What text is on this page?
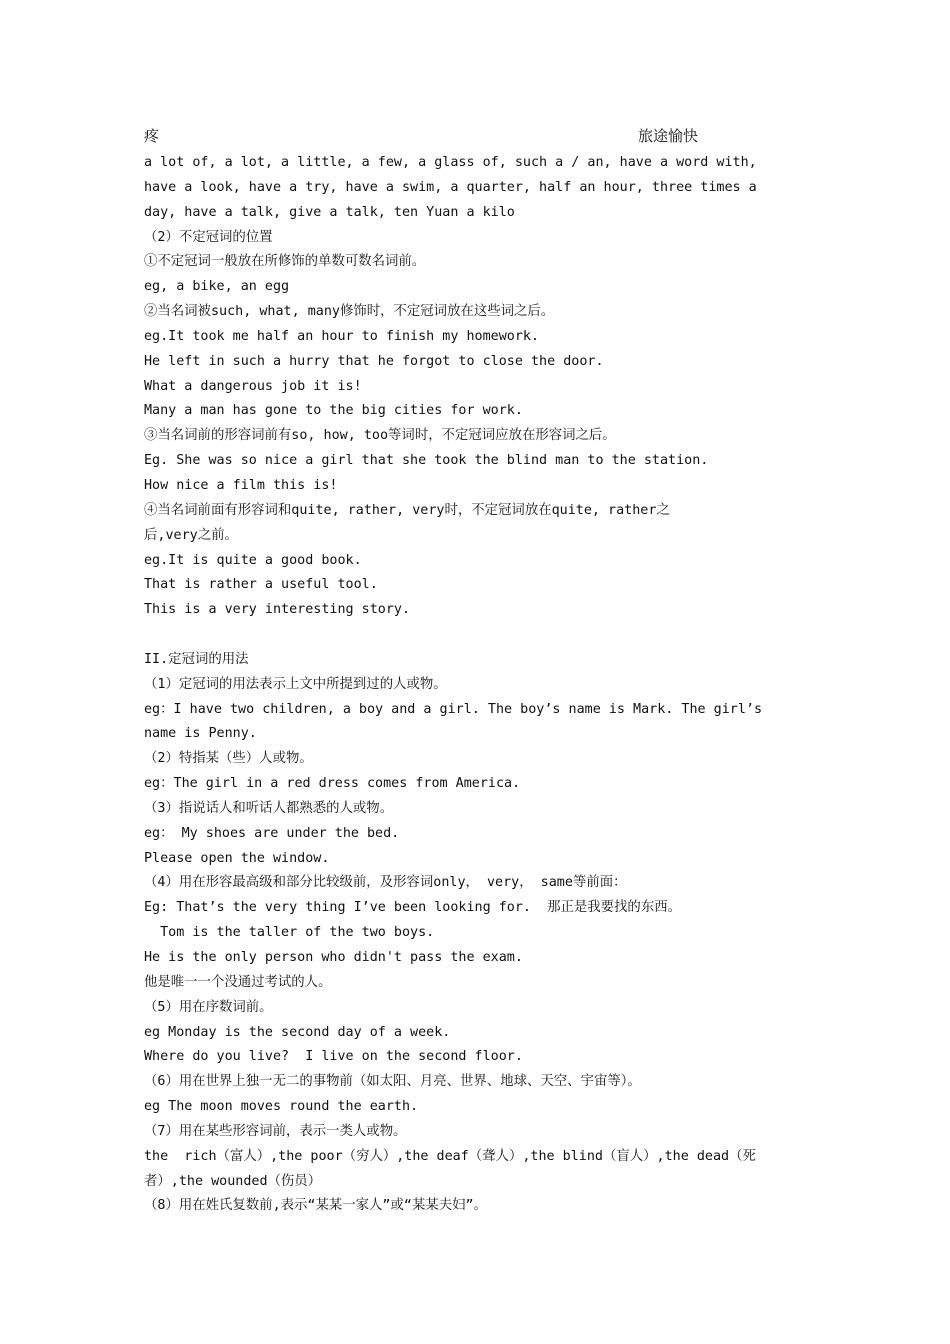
疼	旅途愉快
a lot of, a lot, a little, a few, a glass of, such a / an, have a word with,
have a look, have a try, have a swim, a quarter, half an hour, three times a
day, have a talk, give a talk, ten Yuan a kilo
（2）不定冠词的位置
①不定冠词一般放在所修饰的单数可数名词前。
eg, a bike, an egg
②当名词被such, what, many修饰时，不定冠词放在这些词之后。
eg.It took me half an hour to finish my homework.
He left in such a hurry that he forgot to close the door.
What a dangerous job it is!
Many a man has gone to the big cities for work.
③当名词前的形容词前有so, how, too等词时，不定冠词应放在形容词之后。
Eg. She was so nice a girl that she took the blind man to the station.
How nice a film this is!
④当名词前面有形容词和quite, rather, very时，不定冠词放在quite, rather之
后,very之前。
eg.It is quite a good book.
That is rather a useful tool.
This is a very interesting story.
II.定冠词的用法
（1）定冠词的用法表示上文中所提到过的人或物。
eg：I have two children, a boy and a girl. The boy’s name is Mark. The girl’s
name is Penny.
（2）特指某（些）人或物。
eg：The girl in a red dress comes from America.
（3）指说话人和听话人都熟悉的人或物。
eg： My shoes are under the bed.
Please open the window.
（4）用在形容最高级和部分比较级前，及形容词only， very， same等前面：
Eg: That’s the very thing I’ve been looking for.  那正是我要找的东西。
Tom is the taller of the two boys.
He is the only person who didn't pass the exam.
他是唯一一个没通过考试的人。
（5）用在序数词前。
eg Monday is the second day of a week.
Where do you live?  I live on the second floor.
（6）用在世界上独一无二的事物前（如太阳、月亮、世界、地球、天空、宇宙等）。
eg The moon moves round the earth.
（7）用在某些形容词前，表示一类人或物。
the  rich（富人）,the poor（穷人）,the deaf（聋人）,the blind（盲人）,the dead（死
者）,the wounded（伤员）
（8）用在姓氏复数前,表示“某某一家人”或“某某夫妇”。
